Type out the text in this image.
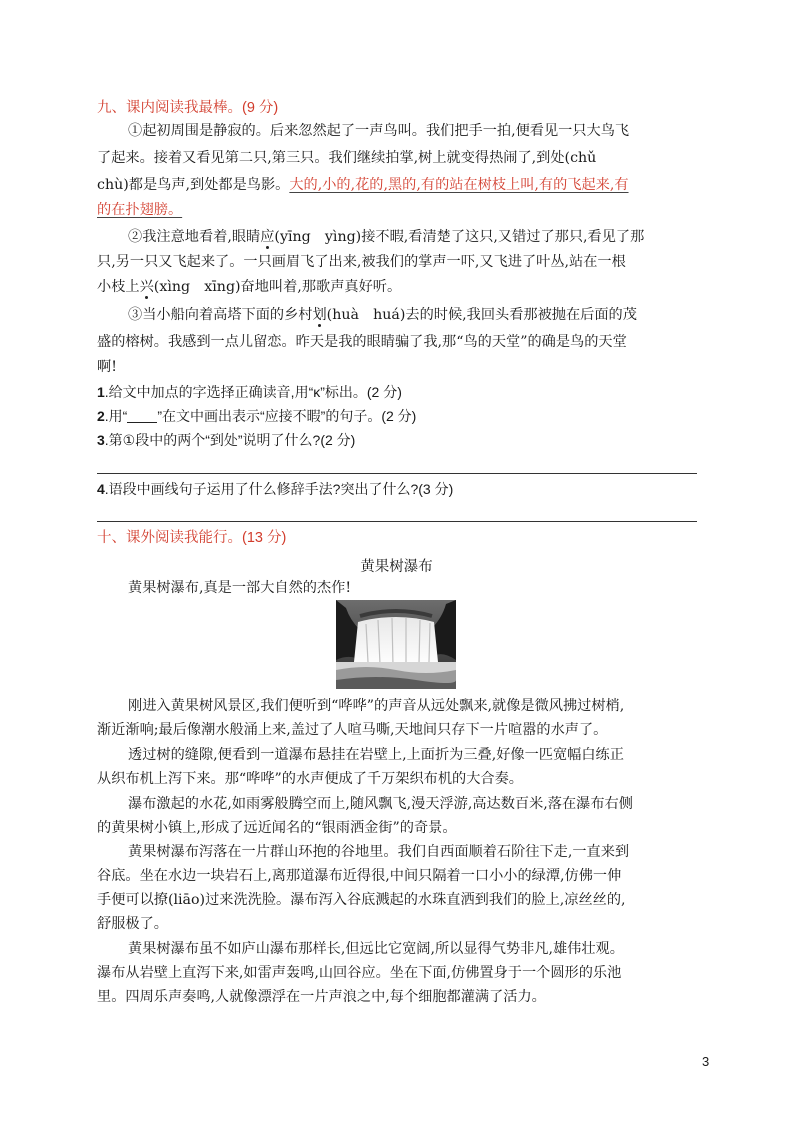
九、课内阅读我最棒。(9 分)
①起初周围是静寂的。后来忽然起了一声鸟叫。我们把手一拍,便看见一只大鸟飞
了起来。接着又看见第二只,第三只。我们继续拍掌,树上就变得热闹了,到处(chǔ
chù)都是鸟声,到处都是鸟影。大的,小的,花的,黑的,有的站在树枝上叫,有的飞起来,有
的在扑翅膀。
②我注意地看着,眼睛应(yīng　yìng)接不暇,看清楚了这只,又错过了那只,看见了那
只,另一只又飞起来了。一只画眉飞了出来,被我们的掌声一吓,又飞进了叶丛,站在一根
小枝上兴(xìng　xīng)奋地叫着,那歌声真好听。
③当小船向着高塔下面的乡村划(huà　huá)去的时候,我回头看那被抛在后面的茂
盛的榕树。我感到一点儿留恋。昨天是我的眼睛骗了我,那“鸟的天堂”的确是鸟的天堂
啊!
1.给文中加点的字选择正确读音,用“κ”标出。(2 分)
2.用“ ”在文中画出表示“应接不暇”的句子。(2 分)
3.第①段中的两个“到处”说明了什么?(2 分)
4.语段中画线句子运用了什么修辞手法?突出了什么?(3 分)
十、课外阅读我能行。(13 分)
黄果树瀑布
黄果树瀑布,真是一部大自然的杰作!
刚进入黄果树风景区,我们便听到“哗哗”的声音从远处飘来,就像是微风拂过树梢,
渐近渐响;最后像潮水般涌上来,盖过了人喧马嘶,天地间只存下一片喧嚣的水声了。
透过树的缝隙,便看到一道瀑布悬挂在岩壁上,上面折为三叠,好像一匹宽幅白练正
从织布机上泻下来。那“哗哗”的水声便成了千万架织布机的大合奏。
瀑布激起的水花,如雨雾般腾空而上,随风飘飞,漫天浮游,高达数百米,落在瀑布右侧
的黄果树小镇上,形成了远近闻名的“银雨洒金街”的奇景。
黄果树瀑布泻落在一片群山环抱的谷地里。我们自西面顺着石阶往下走,一直来到
谷底。坐在水边一块岩石上,离那道瀑布近得很,中间只隔着一口小小的绿潭,仿佛一伸
手便可以撩(liāo)过来洗洗脸。瀑布泻入谷底溅起的水珠直洒到我们的脸上,凉丝丝的,
舒服极了。
黄果树瀑布虽不如庐山瀑布那样长,但远比它宽阔,所以显得气势非凡,雄伟壮观。
瀑布从岩壁上直泻下来,如雷声轰鸣,山回谷应。坐在下面,仿佛置身于一个圆形的乐池
里。四周乐声奏鸣,人就像漂浮在一片声浪之中,每个细胞都灌满了活力。
3
